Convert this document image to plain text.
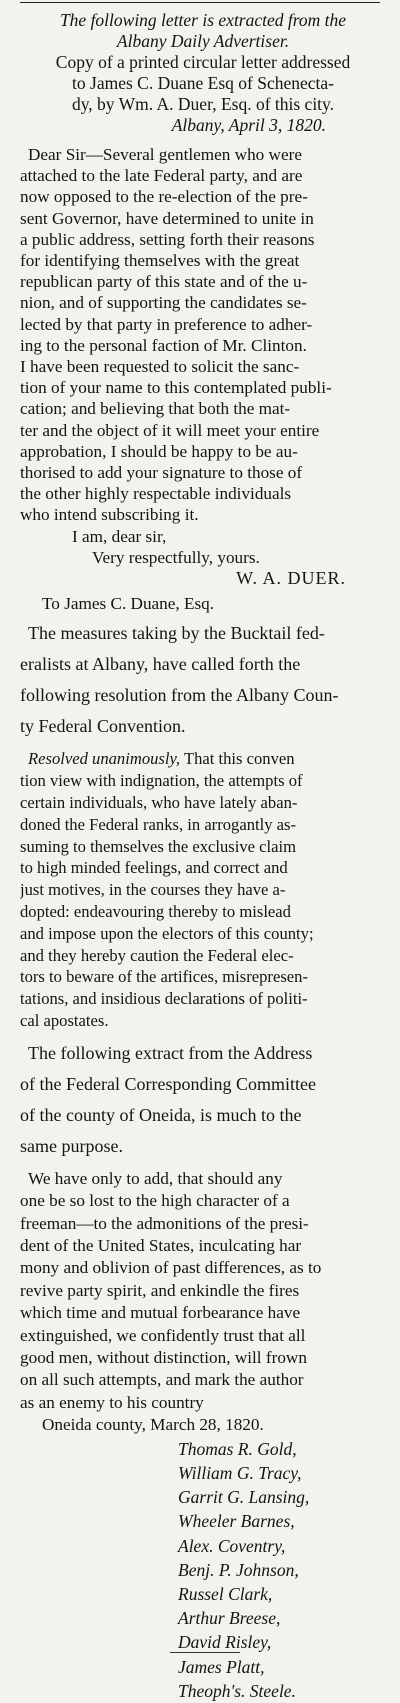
The following letter is extracted from the
Albany Daily Advertiser.
Copy of a printed circular letter addressed
to James C. Duane Esq of Schenecta-
dy, by Wm. A. Duer, Esq. of this city.
Albany, April 3, 1820.
Dear Sir—Several gentlemen who were
attached to the late Federal party, and are
now opposed to the re-election of the pre-
sent Governor, have determined to unite in
a public address, setting forth their reasons
for identifying themselves with the great
republican party of this state and of the u-
nion, and of supporting the candidates se-
lected by that party in preference to adher-
ing to the personal faction of Mr. Clinton.
I have been requested to solicit the sanc-
tion of your name to this contemplated publi-
cation; and believing that both the mat-
ter and the object of it will meet your entire
approbation, I should be happy to be au-
thorised to add your signature to those of
the other highly respectable individuals
who intend subscribing it.
I am, dear sir,
Very respectfully, yours.
W. A. DUER.
To James C. Duane, Esq.
The measures taking by the Bucktail fed-
eralists at Albany, have called forth the
following resolution from the Albany Coun-
ty Federal Convention.
Resolved unanimously, That this conven
tion view with indignation, the attempts of
certain individuals, who have lately aban-
doned the Federal ranks, in arrogantly as-
suming to themselves the exclusive claim
to high minded feelings, and correct and
just motives, in the courses they have a-
dopted: endeavouring thereby to mislead
and impose upon the electors of this county;
and they hereby caution the Federal elec-
tors to beware of the artifices, misrepresen-
tations, and insidious declarations of politi-
cal apostates.
The following extract from the Address
of the Federal Corresponding Committee
of the county of Oneida, is much to the
same purpose.
We have only to add, that should any
one be so lost to the high character of a
freeman—to the admonitions of the presi-
dent of the United States, inculcating har
mony and oblivion of past differences, as to
revive party spirit, and enkindle the fires
which time and mutual forbearance have
extinguished, we confidently trust that all
good men, without distinction, will frown
on all such attempts, and mark the author
as an enemy to his country
Oneida county, March 28, 1820.
Thomas R. Gold,
William G. Tracy,
Garrit G. Lansing,
Wheeler Barnes,
Alex. Coventry,
Benj. P. Johnson,
Russel Clark,
Arthur Breese,
David Risley,
James Platt,
Theoph's. Steele.
